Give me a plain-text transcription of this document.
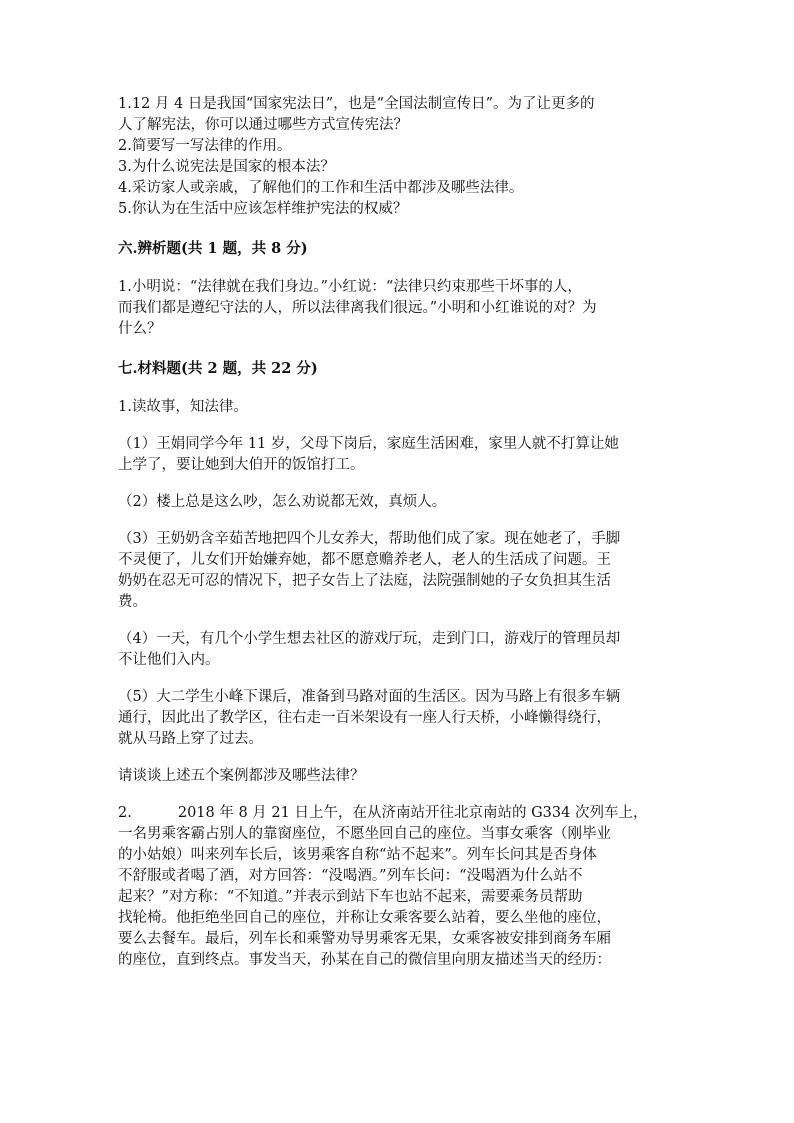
1.12 月 4 日是我国“国家宪法日”，也是“全国法制宣传日”。为了让更多的
人了解宪法，你可以通过哪些方式宣传宪法？
2.简要写一写法律的作用。
3.为什么说宪法是国家的根本法？
4.采访家人或亲戚，了解他们的工作和生活中都涉及哪些法律。
5.你认为在生活中应该怎样维护宪法的权威？
六.辨析题(共 1 题，共 8 分)
1.小明说：“法律就在我们身边。”小红说：“法律只约束那些干坏事的人，
而我们都是遵纪守法的人，所以法律离我们很远。”小明和小红谁说的对？为
什么？
七.材料题(共 2 题，共 22 分)
1.读故事，知法律。
（1）王娟同学今年 11 岁，父母下岗后，家庭生活困难，家里人就不打算让她
上学了，要让她到大伯开的饭馆打工。
（2）楼上总是这么吵，怎么劝说都无效，真烦人。
（3）王奶奶含辛茹苦地把四个儿女养大，帮助他们成了家。现在她老了，手脚
不灵便了，儿女们开始嫌弃她，都不愿意赡养老人，老人的生活成了问题。王
奶奶在忍无可忍的情况下，把子女告上了法庭，法院强制她的子女负担其生活
费。
（4）一天，有几个小学生想去社区的游戏厅玩，走到门口，游戏厅的管理员却
不让他们入内。
（5）大二学生小峰下课后，准备到马路对面的生活区。因为马路上有很多车辆
通行，因此出了教学区，往右走一百米架设有一座人行天桥，小峰懒得绕行，
就从马路上穿了过去。
请谈谈上述五个案例都涉及哪些法律？
2.	2018 年 8 月 21 日上午，在从济南站开往北京南站的 G334 次列车上，
一名男乘客霸占别人的靠窗座位，不愿坐回自己的座位。当事女乘客（刚毕业
的小姑娘）叫来列车长后，该男乘客自称“站不起来”。列车长问其是否身体
不舒服或者喝了酒，对方回答：“没喝酒。”列车长问：“没喝酒为什么站不
起来？”对方称：“不知道。”并表示到站下车也站不起来，需要乘务员帮助
找轮椅。他拒绝坐回自己的座位，并称让女乘客要么站着，要么坐他的座位，
要么去餐车。最后，列车长和乘警劝导男乘客无果，女乘客被安排到商务车厢
的座位，直到终点。事发当天，孙某在自己的微信里向朋友描述当天的经历：
